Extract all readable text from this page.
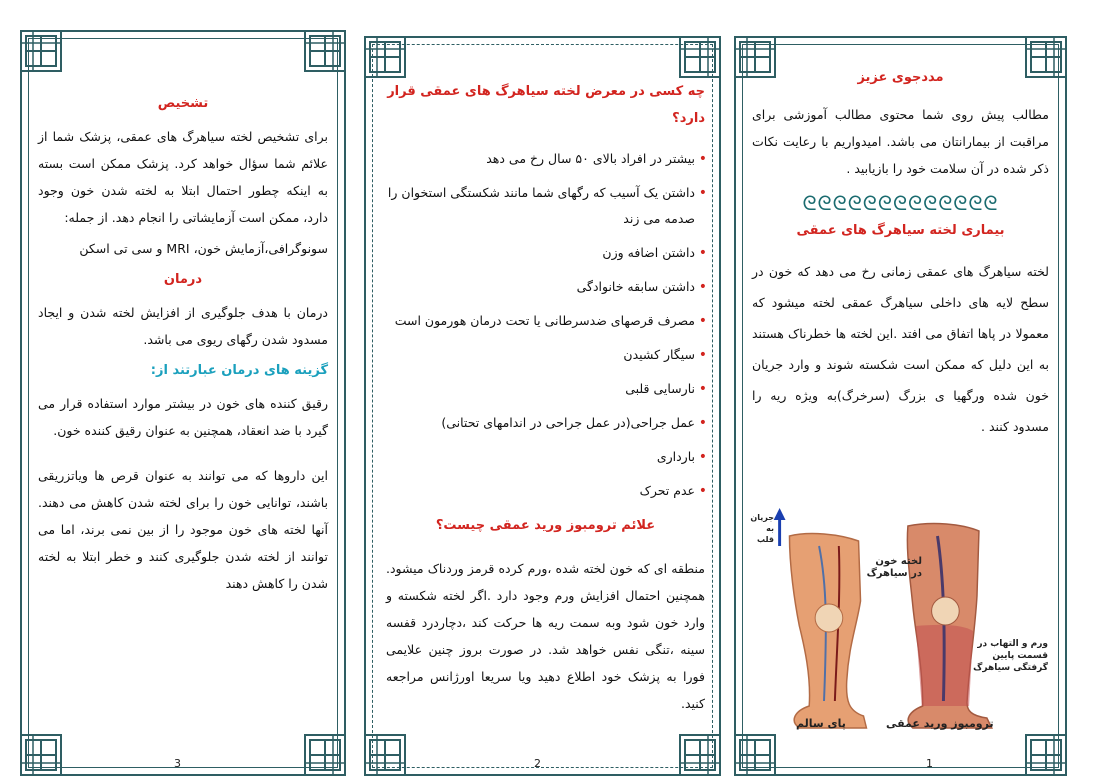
تشخیص

برای تشخیص لخته سیاهرگ های عمقی، پزشک شما از علائم شما سؤال خواهد کرد. پزشک ممکن است بسته به اینکه چطور احتمال ابتلا به لخته شدن خون وجود دارد، ممکن است آزمایشاتی را انجام دهد. از جمله:

سونوگرافی،آزمایش خون، MRI و سی تی اسکن

درمان

درمان با هدف جلوگیری از افزایش لخته شدن و ایجاد مسدود شدن رگهای ریوی می باشد.

گزینه های درمان عبارتند از:

رقیق کننده های خون در بیشتر موارد استفاده قرار می گیرد با ضد انعقاد، همچنین به عنوان رقیق کننده خون.

این داروها که می توانند به عنوان قرص ها ویاتزریقی باشند، توانایی خون را برای لخته شدن کاهش می دهند. آنها لخته های خون موجود را از بین نمی برند، اما می توانند از لخته شدن جلوگیری کنند و خطر ابتلا به لخته شدن را کاهش دهند

3

چه کسی در معرض لخته سیاهرگ های عمقی قرار دارد؟

• بیشتر در افراد بالای ۵۰ سال رخ می دهد
• داشتن یک آسیب که رگهای شما مانند شکستگی استخوان را صدمه می زند
• داشتن اضافه وزن
• داشتن سابقه خانوادگی
• مصرف قرصهای ضدسرطانی یا تحت درمان هورمون است
• سیگار کشیدن
• نارسایی قلبی
• عمل جراحی(در عمل جراحی در اندامهای تحتانی)
• بارداری
• عدم تحرک

علائم ترومبوز ورید عمقی چیست؟

منطقه ای که خون لخته شده ،ورم کرده قرمز وردناک میشود. همچنین احتمال افزایش ورم وجود دارد .اگر لخته شکسته و وارد خون شود وبه سمت ریه ها حرکت کند ،دچاردرد قفسه سینه ،تنگی نفس خواهد شد. در صورت بروز چنین علایمی فورا به پزشک خود اطلاع دهید ویا سریعا اورژانس مراجعه کنید.

2

مددجوی عزیز

مطالب پیش روی شما محتوی مطالب آموزشی برای مراقبت از بیمارانتان می باشد. امیدواریم با رعایت نکات ذکر شده در آن سلامت خود را بازیابید .

ᘓᘓᘓᘓᘓᘓᘓᘓᘓᘓᘓᘓᘓ

بیماری لخته سیاهرگ های عمقی

لخته سیاهرگ های عمقی زمانی رخ می دهد که خون در سطح لایه های داخلی سیاهرگ عمقی لخته میشود که معمولا در پاها اتفاق می افتد .این لخته ها خطرناک هستند به این دلیل که ممکن است شکسته شوند و وارد جریان خون شده ورگهیا ی بزرگ (سرخرگ)به ویژه ریه را مسدود کنند .

جریان به قلب
لخته خون در سیاهرگ
ورم و التهاب در قسمت پایین گرفتگی سیاهرگ
پای سالم	ترومبوز ورید عمقی
1
